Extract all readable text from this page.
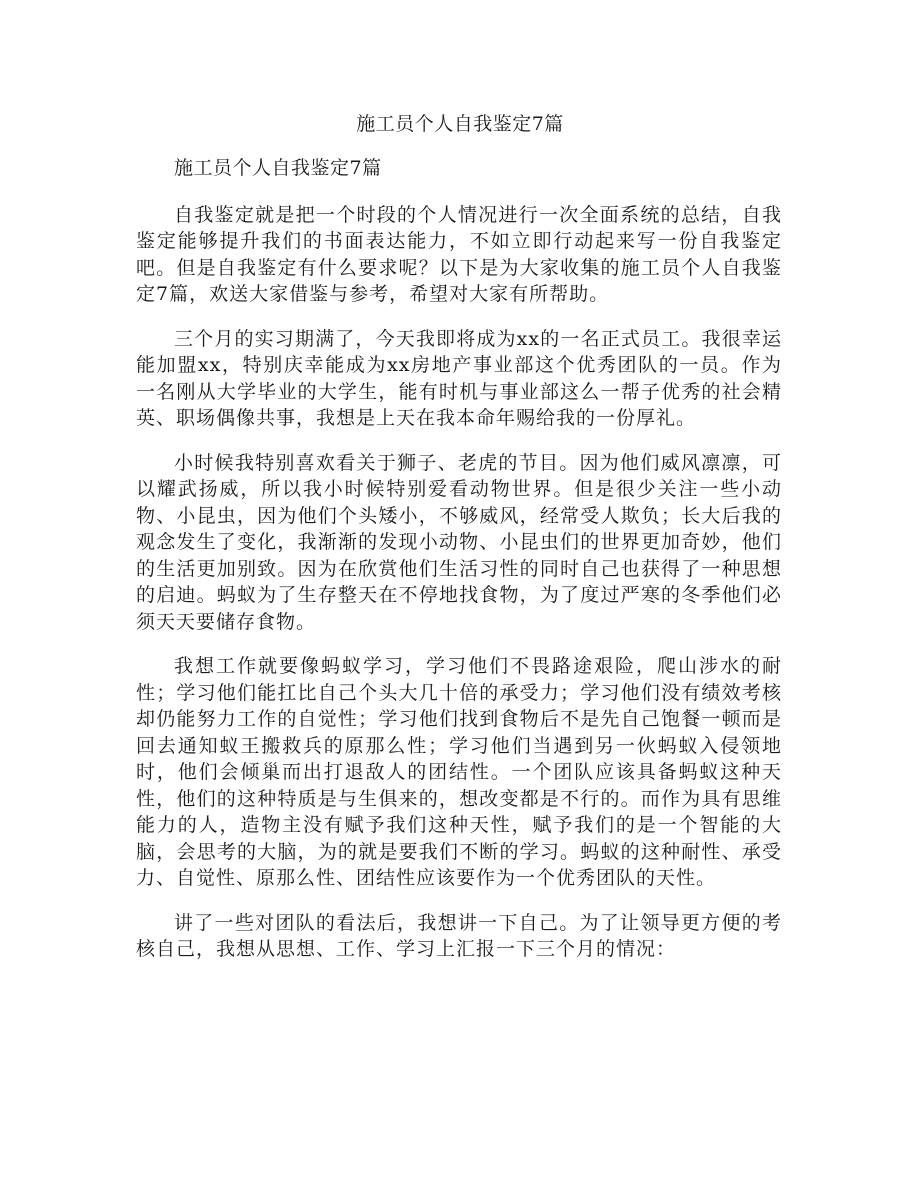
施工员个人自我鉴定7篇

施工员个人自我鉴定7篇

自我鉴定就是把一个时段的个人情况进行一次全面系统的总结，自我鉴定能够提升我们的书面表达能力，不如立即行动起来写一份自我鉴定吧。但是自我鉴定有什么要求呢？以下是为大家收集的施工员个人自我鉴定7篇，欢送大家借鉴与参考，希望对大家有所帮助。

三个月的实习期满了，今天我即将成为xx的一名正式员工。我很幸运能加盟xx，特别庆幸能成为xx房地产事业部这个优秀团队的一员。作为一名刚从大学毕业的大学生，能有时机与事业部这么一帮子优秀的社会精英、职场偶像共事，我想是上天在我本命年赐给我的一份厚礼。

小时候我特别喜欢看关于狮子、老虎的节目。因为他们威风凛凛，可以耀武扬威，所以我小时候特别爱看动物世界。但是很少关注一些小动物、小昆虫，因为他们个头矮小，不够威风，经常受人欺负；长大后我的观念发生了变化，我渐渐的发现小动物、小昆虫们的世界更加奇妙，他们的生活更加别致。因为在欣赏他们生活习性的同时自己也获得了一种思想的启迪。蚂蚁为了生存整天在不停地找食物，为了度过严寒的冬季他们必须天天要储存食物。

我想工作就要像蚂蚁学习，学习他们不畏路途艰险，爬山涉水的耐性；学习他们能扛比自己个头大几十倍的承受力；学习他们没有绩效考核却仍能努力工作的自觉性；学习他们找到食物后不是先自己饱餐一顿而是回去通知蚁王搬救兵的原那么性；学习他们当遇到另一伙蚂蚁入侵领地时，他们会倾巢而出打退敌人的团结性。一个团队应该具备蚂蚁这种天性，他们的这种特质是与生俱来的，想改变都是不行的。而作为具有思维能力的人，造物主没有赋予我们这种天性，赋予我们的是一个智能的大脑，会思考的大脑，为的就是要我们不断的学习。蚂蚁的这种耐性、承受力、自觉性、原那么性、团结性应该要作为一个优秀团队的天性。

讲了一些对团队的看法后，我想讲一下自己。为了让领导更方便的考核自己，我想从思想、工作、学习上汇报一下三个月的情况：
